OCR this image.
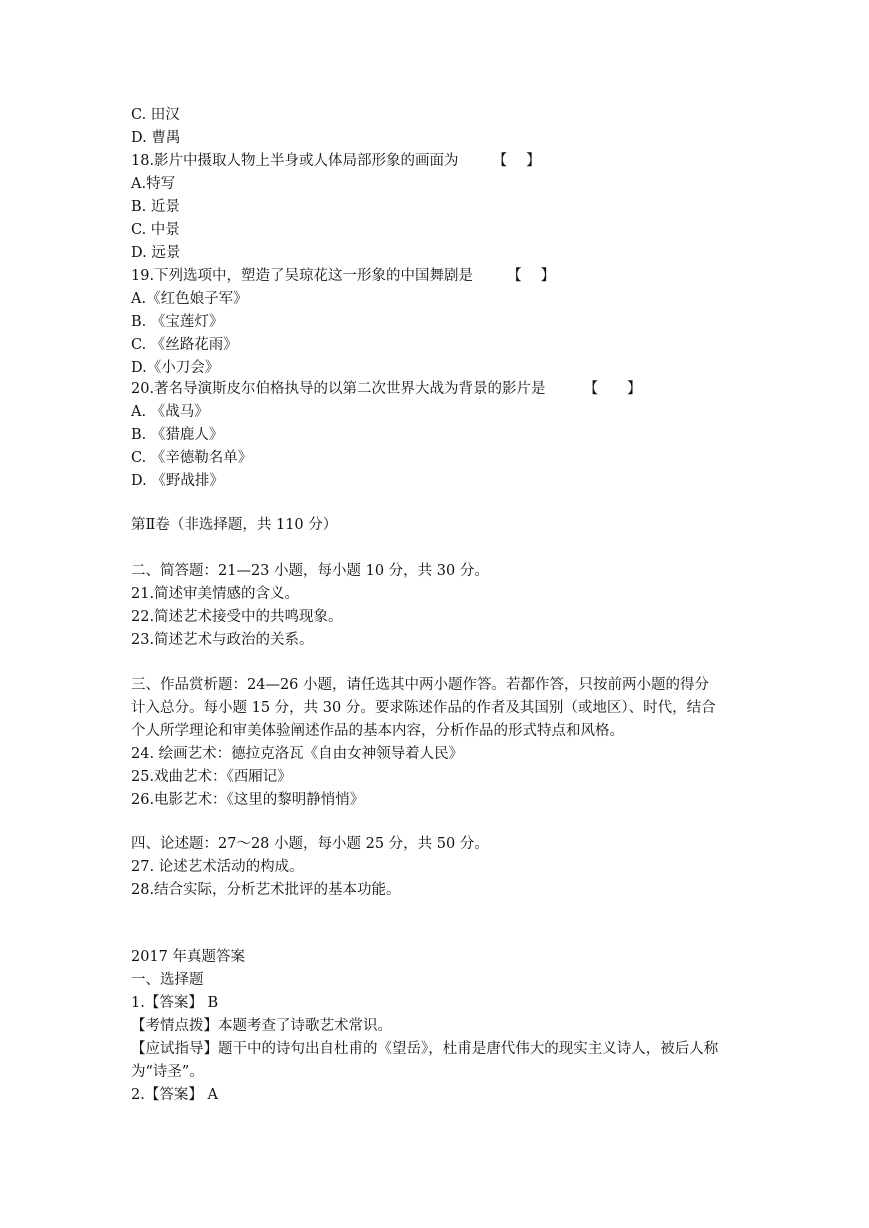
C. 田汉
D. 曹禺
18.影片中摄取人物上半身或人体局部形象的画面为 【　 】
A.特写
B. 近景
C. 中景
D. 远景
19.下列选项中，塑造了吴琼花这一形象的中国舞剧是 【　 】
A.《红色娘子军》
B. 《宝莲灯》
C. 《丝路花雨》
D.《小刀会》
20.著名导演斯皮尔伯格执导的以第二次世界大战为背景的影片是	【　　】
A. 《战马》
B. 《猎鹿人》
C. 《辛德勒名单》
D. 《野战排》
第Ⅱ卷（非选择题，共 110 分）
二、简答题：21—23 小题，每小题 10 分，共 30 分。
21.简述审美情感的含义。
22.简述艺术接受中的共鸣现象。
23.简述艺术与政治的关系。
三、作品赏析题：24—26 小题，请任选其中两小题作答。若都作答，只按前两小题的得分
计入总分。每小题 15 分，共 30 分。要求陈述作品的作者及其国别（或地区）、时代，结合
个人所学理论和审美体验阐述作品的基本内容，分析作品的形式特点和风格。
24. 绘画艺术：德拉克洛瓦《自由女神领导着人民》
25.戏曲艺术：《西厢记》
26.电影艺术：《这里的黎明静悄悄》
四、论述题：27～28 小题，每小题 25 分，共 50 分。
27. 论述艺术活动的构成。
28.结合实际，分析艺术批评的基本功能。
2017 年真题答案
一、选择题
1.【答案】 B
【考情点拨】本题考查了诗歌艺术常识。
【应试指导】题干中的诗句出自杜甫的《望岳》，杜甫是唐代伟大的现实主义诗人，被后人称
为“诗圣”。
2.【答案】 A
